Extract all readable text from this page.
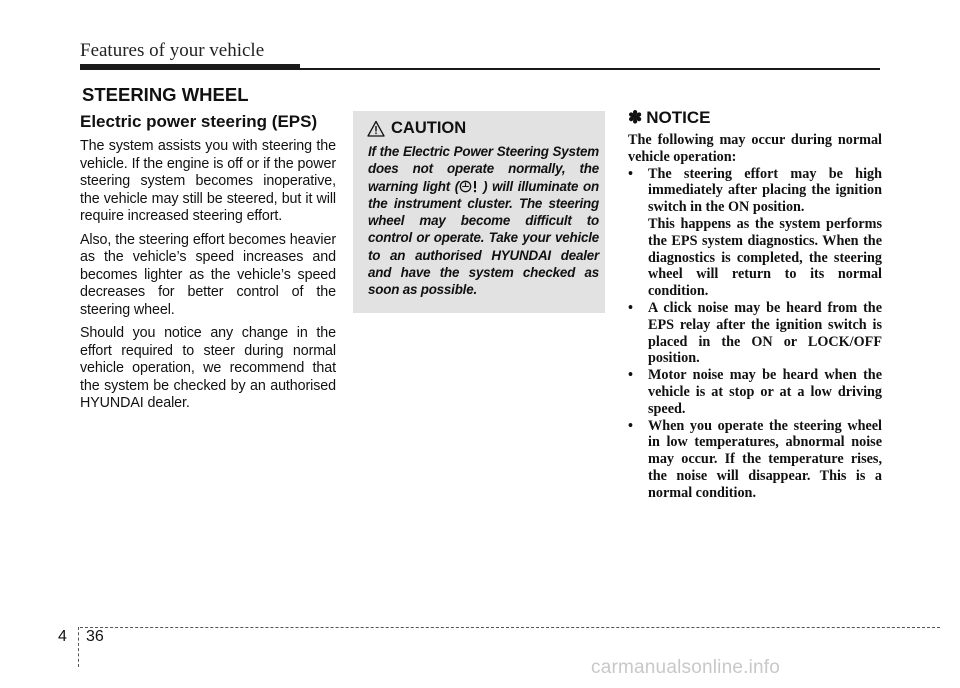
Features of your vehicle
STEERING WHEEL
Electric power steering (EPS)

The system assists you with steering the vehicle. If the engine is off or if the power steering system becomes inoperative, the vehicle may still be steered, but it will require increased steering effort.

Also, the steering effort becomes heavier as the vehicle’s speed increases and becomes lighter as the vehicle’s speed decreases for better control of the steering wheel.

Should you notice any change in the effort required to steer during normal vehicle operation, we recommend that the system be checked by an authorised HYUNDAI dealer.

CAUTION

If the Electric Power Steering System does not operate normally, the warning light ( ) will illuminate on the instrument cluster. The steering wheel may become difficult to control or operate. Take your vehicle to an authorised HYUNDAI dealer and have the system checked as soon as possible.

✽ NOTICE

The following may occur during normal vehicle operation:

• The steering effort may be high immediately after placing the ignition switch in the ON position.
This happens as the system performs the EPS system diagnostics. When the diagnostics is completed, the steering wheel will return to its normal condition.
• A click noise may be heard from the EPS relay after the ignition switch is placed in the ON or LOCK/OFF position.
• Motor noise may be heard when the vehicle is at stop or at a low driving speed.
• When you operate the steering wheel in low temperatures, abnormal noise may occur. If the temperature rises, the noise will disappear. This is a normal condition.
4 36
carmanualsonline.info
